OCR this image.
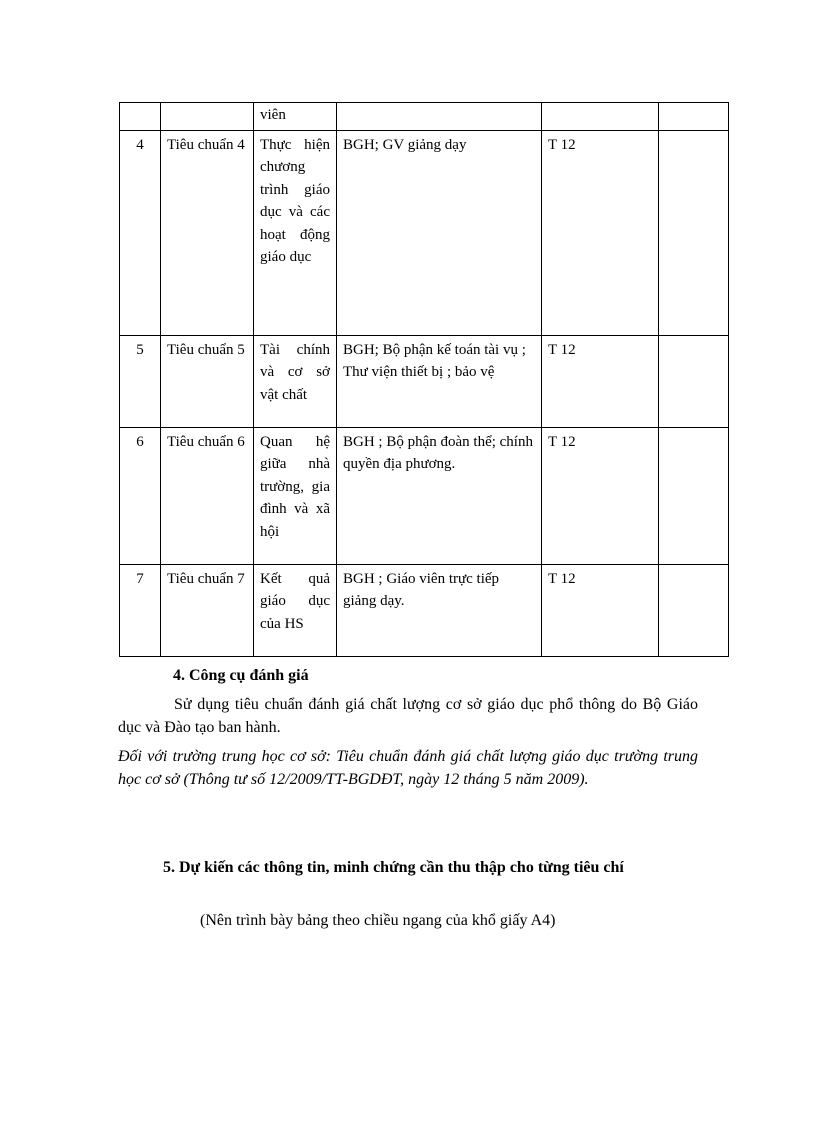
		viên			
4	Tiêu chuẩn 4	Thực hiện chương trình giáo dục và các hoạt động giáo dục	BGH; GV giảng dạy	T 12	
5	Tiêu chuẩn 5	Tài chính và cơ sở vật chất	BGH; Bộ phận kế toán tài vụ ; Thư viện thiết bị ; bảo vệ	T 12	
6	Tiêu chuẩn 6	Quan hệ giữa nhà trường, gia đình và xã hội	BGH ; Bộ phận đoàn thể; chính quyền địa phương.	T 12	
7	Tiêu chuẩn 7	Kết quả giáo dục của HS	BGH ; Giáo viên trực tiếp giảng dạy.	T 12	
4. Công cụ đánh giá
Sử dụng tiêu chuẩn đánh giá chất lượng cơ sở giáo dục phổ thông do Bộ Giáo dục và Đào tạo ban hành.
Đối với trường trung học cơ sở: Tiêu chuẩn đánh giá chất lượng giáo dục trường trung học cơ sở (Thông tư số 12/2009/TT-BGDĐT, ngày 12 tháng 5 năm 2009).
5. Dự kiến các thông tin, minh chứng cần thu thập cho từng tiêu chí
(Nên trình bày bảng theo chiều ngang của khổ giấy A4)
